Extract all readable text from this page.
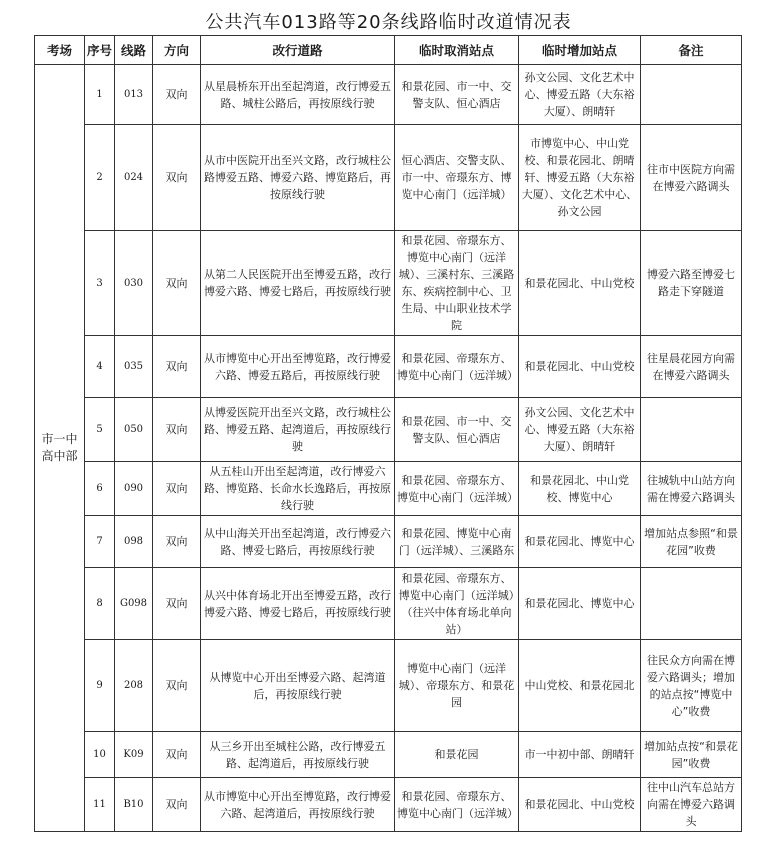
公共汽车013路等20条线路临时改道情况表
考场	序号	线路	方向	改行道路	临时取消站点	临时增加站点	备注
市一中高中部	1	013	双向	从星晨桥东开出至起湾道，改行博爱五路、城柱公路后，再按原线行驶	和景花园、市一中、交警支队、恒心酒店	孙文公园、文化艺术中心、博爱五路（大东裕大厦）、朗晴轩	
	2	024	双向	从市中医院开出至兴文路，改行城柱公路博爱五路、博爱六路、博览路后，再按原线行驶	恒心酒店、交警支队、市一中、帝璟东方、博览中心南门（远洋城）	市博览中心、中山党校、和景花园北、朗晴轩、博爱五路（大东裕大厦）、文化艺术中心、孙文公园	往市中医院方向需在博爱六路调头
	3	030	双向	从第二人民医院开出至博爱五路，改行博爱六路、博爱七路后，再按原线行驶	和景花园、帝璟东方、博览中心南门（远洋城）、三溪村东、三溪路东、疾病控制中心、卫生局、中山职业技术学院	和景花园北、中山党校	博爱六路至博爱七路走下穿隧道
	4	035	双向	从市博览中心开出至博览路，改行博爱六路、博爱五路后，再按原线行驶	和景花园、帝璟东方、博览中心南门（远洋城）	和景花园北、中山党校	往星晨花园方向需在博爱六路调头
	5	050	双向	从博爱医院开出至兴文路，改行城柱公路、博爱五路、起湾道后，再按原线行驶	和景花园、市一中、交警支队、恒心酒店	孙文公园、文化艺术中心、博爱五路（大东裕大厦）、朗晴轩	
	6	090	双向	从五桂山开出至起湾道，改行博爱六路、博览路、长命水长逸路后，再按原线行驶	和景花园、帝璟东方、博览中心南门（远洋城）	和景花园北、中山党校、博览中心	往城轨中山站方向需在博爱六路调头
	7	098	双向	从中山海关开出至起湾道，改行博爱六路、博爱七路后，再按原线行驶	和景花园、博览中心南门（远洋城）、三溪路东	和景花园北、博览中心	增加站点参照“和景花园”收费
	8	G098	双向	从兴中体育场北开出至博爱五路，改行博爱六路、博爱七路后，再按原线行驶	和景花园、帝璟东方、博览中心南门（远洋城）（往兴中体育场北单向站）	和景花园北、博览中心	
	9	208	双向	从博览中心开出至博爱六路、起湾道后，再按原线行驶	博览中心南门（远洋城）、帝璟东方、和景花园	中山党校、和景花园北	往民众方向需在博爱六路调头；增加的站点按“博览中心”收费
	10	K09	双向	从三乡开出至城柱公路，改行博爱五路、起湾道后，再按原线行驶	和景花园	市一中初中部、朗晴轩	增加站点按“和景花园”收费
	11	B10	双向	从市博览中心开出至博览路，改行博爱六路、起湾道后，再按原线行驶	和景花园、帝璟东方、博览中心南门（远洋城）	和景花园北、中山党校	往中山汽车总站方向需在博爱六路调头
